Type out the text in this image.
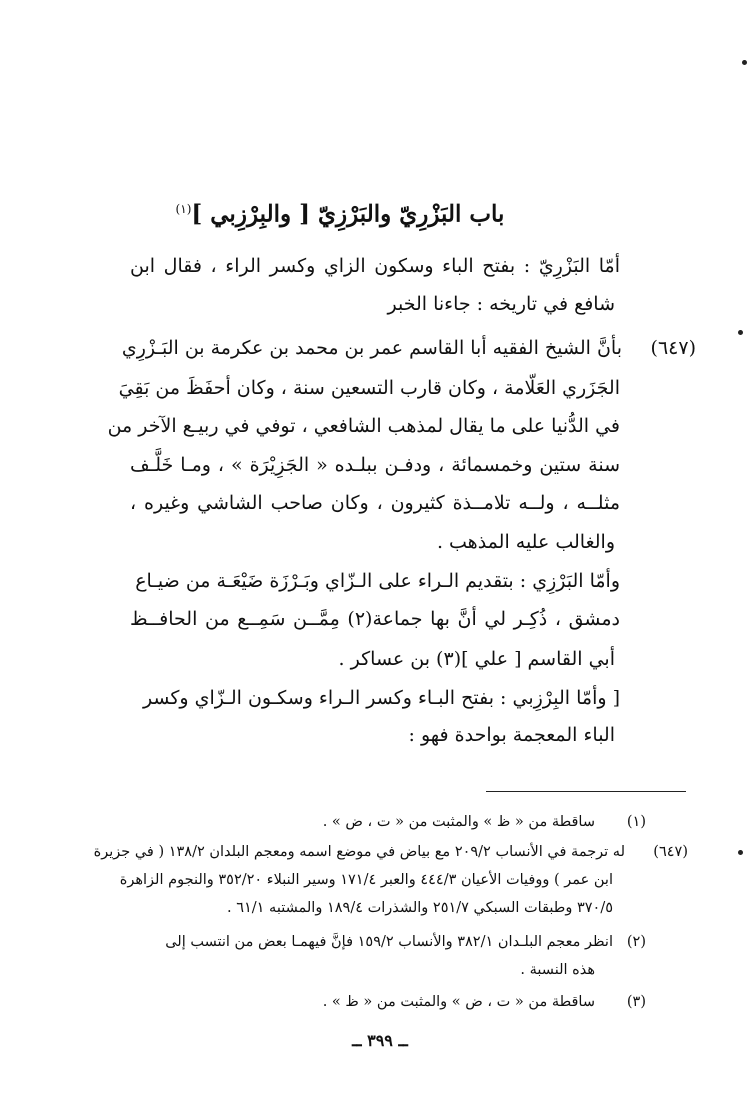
باب البَزْرِيّ والبَرْزِيّ [ والبِرْزِبي ]$^{(١)}$
أمّا البَزْرِيّ : بفتح الباء وسكون الزاي وكسر الراء ، فقال ابن
شافع في تاريخه : جاءنا الخبر
(٦٤٧)
بأنَّ الشيخ الفقيه أبا القاسم عمر بن محمد بن عكرمة بن البَـزْرِي
الجَزَري العَلّامة ، وكان قارب التسعين سنة ، وكان أحفَظَ من بَقِيَ
في الدُّنيا على ما يقال لمذهب الشافعي ، توفي في ربيـع الآخر من
سنة ستين وخمسمائة ، ودفـن ببلـده « الجَزِيْرَة » ، ومـا خَلَّـف
مثلــه ، ولــه تلامــذة كثيرون ، وكان صاحب الشاشي وغيره ،
والغالب عليه المذهب .
وأمّا البَرْزِي : بتقديم الـراء على الـزّاي وبَـرْزَة ضَيْعَـة من ضيـاع
دمشق ، ذُكِـر لي أنَّ بها جماعة(٢) مِمَّــن سَمِــع من الحافــظ
أبي القاسم [ علي ](٣) بن عساكر .
[ وأمّا البِرْزِبي : بفتح البـاء وكسر الـراء وسكـون الـزّاي وكسر
الباء المعجمة بواحدة فهو :
(١)
ساقطة من « ظ » والمثبت من « ت ، ض » .
(٦٤٧)
له ترجمة في الأنساب ٢٠٩/٢ مع بياض في موضع اسمه ومعجم البلدان ١٣٨/٢ ( في جزيرة
ابن عمر ) ووفيات الأعيان ٤٤٤/٣ والعبر ١٧١/٤ وسير النبلاء ٣٥٢/٢٠ والنجوم الزاهرة
٣٧٠/٥ وطبقات السبكي ٢٥١/٧ والشذرات ١٨٩/٤ والمشتبه ٦١/١ .
(٢)
انظر معجم البلـدان ٣٨٢/١ والأنساب ١٥٩/٢ فإنَّ فيهمـا بعض من انتسب إلى
هذه النسبة .
(٣)
ساقطة من « ت ، ض » والمثبت من « ظ » .
ــ ٣٩٩ ــ
